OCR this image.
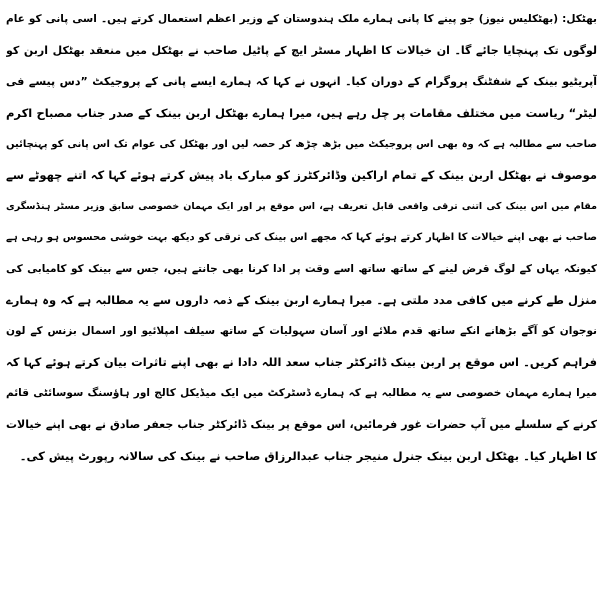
بھٹکل: (بھٹکلیس نیوز) جو پینے کا پانی ہمارے ملک ہندوستان کے وزیر اعظم استعمال کرتے ہیں۔ اسی پانی کو عام
لوگوں تک پہنچایا جائے گا۔ ان خیالات کا اظہار مسٹر ایچ کے پاٹیل صاحب نے بھٹکل میں منعقد بھٹکل اربن کو
آپریٹیو بینک کے شفٹنگ پروگرام کے دوران کیا۔ انہوں نے کہا کہ ہمارے ایسے پانی کے پروجیکٹ ”دس پیسے فی
لیٹر“ ریاست میں مختلف مقامات پر چل رہے ہیں، میرا ہمارے بھٹکل اربن بینک کے صدر جناب مصباح اکرم
صاحب سے مطالبہ ہے کہ وہ بھی اس پروجیکٹ میں بڑھ چڑھ کر حصہ لیں اور بھٹکل کی عوام تک اس پانی کو پہنچائیں
موصوف نے بھٹکل اربن بینک کے تمام اراکین وڈائرکٹرز کو مبارک باد پیش کرتے ہوئے کہا کہ اتنے چھوٹے سے
مقام میں اس بینک کی اتنی ترقی واقعی قابل تعریف ہے، اس موقع پر اور ایک مہمان خصوصی سابق وزیر مسٹر ہنڈسگری
صاحب نے بھی اپنے خیالات کا اظہار کرتے ہوئے کہا کہ مجھے اس بینک کی ترقی کو دیکھ بہت خوشی محسوس ہو رہی ہے
کیونکہ یہاں کے لوگ قرض لینے کے ساتھ ساتھ اسے وقت پر ادا کرنا بھی جانتے ہیں، جس سے بینک کو کامیابی کی
منزل طے کرنے میں کافی مدد ملتی ہے۔ میرا ہمارے اربن بینک کے ذمہ داروں سے یہ مطالبہ ہے کہ وہ ہمارے
نوجوان کو آگے بڑھانے انکے ساتھ قدم ملائے اور آسان سہولیات کے ساتھ سیلف امپلائیو اور اسمال بزنس کے لون
فراہم کریں۔ اس موقع پر اربن بینک ڈائرکٹر جناب سعد اللہ دادا نے بھی اپنے تاثرات بیان کرتے ہوئے کہا کہ
میرا ہمارے مہمان خصوصی سے یہ مطالبہ ہے کہ ہمارے ڈسٹرکٹ میں ایک میڈیکل کالج اور ہاؤسنگ سوسائٹی قائم
کرنے کے سلسلے میں آپ حضرات غور فرمائیں، اس موقع پر بینک ڈائرکٹر جناب جعفر صادق نے بھی اپنے خیالات
کا اظہار کیا۔ بھٹکل اربن بینک جنرل منیجر جناب عبدالرزاق صاحب نے بینک کی سالانہ رپورٹ پیش کی۔
